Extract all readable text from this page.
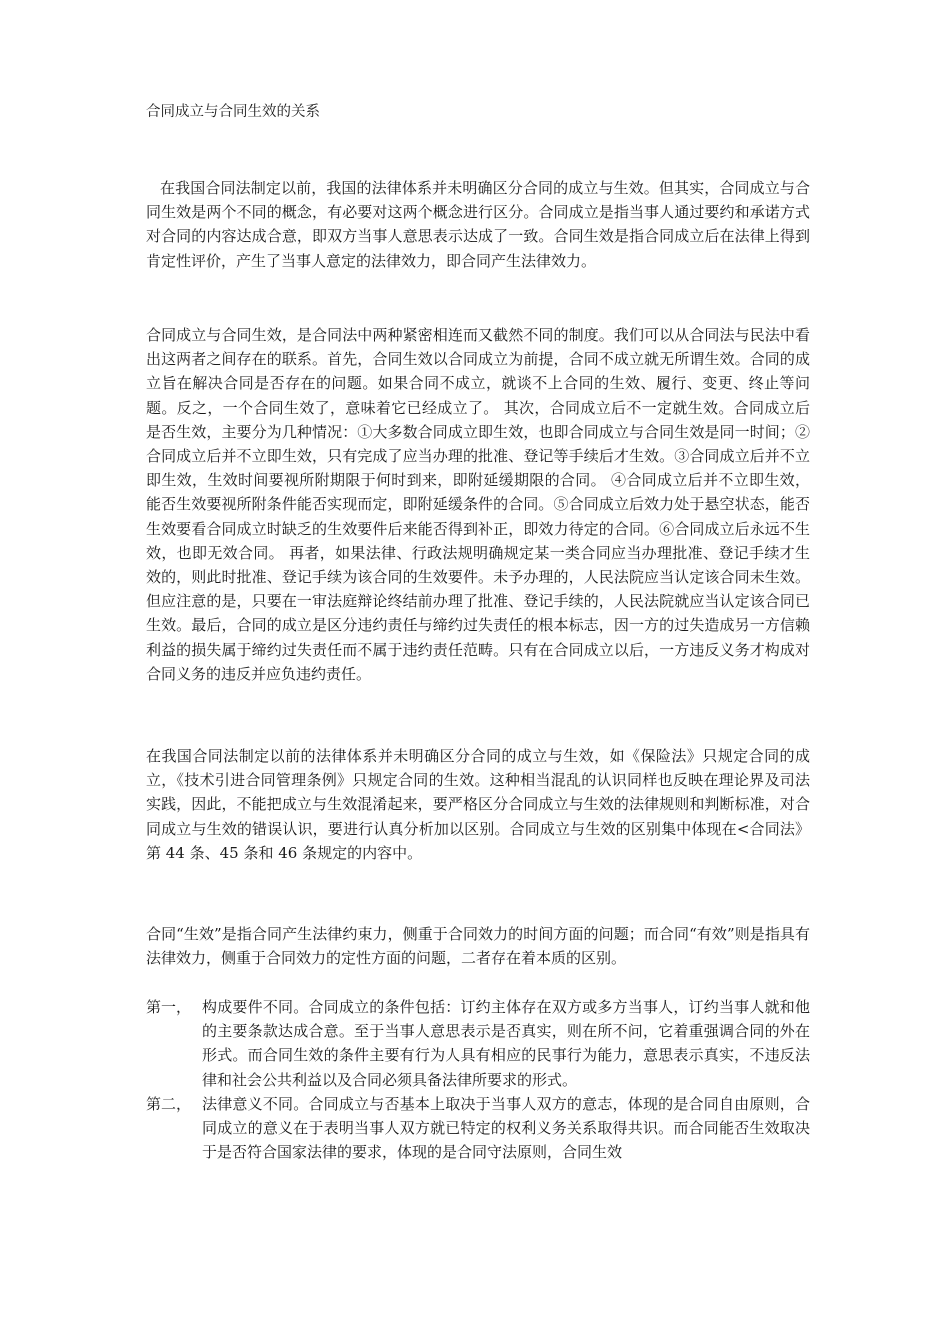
合同成立与合同生效的关系

在我国合同法制定以前，我国的法律体系并未明确区分合同的成立与生效。但其实，合同成立与合同生效是两个不同的概念，有必要对这两个概念进行区分。合同成立是指当事人通过要约和承诺方式对合同的内容达成合意，即双方当事人意思表示达成了一致。合同生效是指合同成立后在法律上得到肯定性评价，产生了当事人意定的法律效力，即合同产生法律效力。

合同成立与合同生效，是合同法中两种紧密相连而又截然不同的制度。我们可以从合同法与民法中看出这两者之间存在的联系。首先，合同生效以合同成立为前提，合同不成立就无所谓生效。合同的成立旨在解决合同是否存在的问题。如果合同不成立，就谈不上合同的生效、履行、变更、终止等问题。反之，一个合同生效了，意味着它已经成立了。 其次，合同成立后不一定就生效。合同成立后是否生效，主要分为几种情况：①大多数合同成立即生效，也即合同成立与合同生效是同一时间；②合同成立后并不立即生效，只有完成了应当办理的批准、登记等手续后才生效。③合同成立后并不立即生效，生效时间要视所附期限于何时到来，即附延缓期限的合同。 ④合同成立后并不立即生效，能否生效要视所附条件能否实现而定，即附延缓条件的合同。⑤合同成立后效力处于悬空状态，能否生效要看合同成立时缺乏的生效要件后来能否得到补正，即效力待定的合同。⑥合同成立后永远不生效，也即无效合同。 再者，如果法律、行政法规明确规定某一类合同应当办理批准、登记手续才生效的，则此时批准、登记手续为该合同的生效要件。未予办理的，人民法院应当认定该合同未生效。但应注意的是，只要在一审法庭辩论终结前办理了批准、登记手续的，人民法院就应当认定该合同已生效。最后，合同的成立是区分违约责任与缔约过失责任的根本标志，因一方的过失造成另一方信赖利益的损失属于缔约过失责任而不属于违约责任范畴。只有在合同成立以后，一方违反义务才构成对合同义务的违反并应负违约责任。

在我国合同法制定以前的法律体系并未明确区分合同的成立与生效，如《保险法》只规定合同的成立，《技术引进合同管理条例》只规定合同的生效。这种相当混乱的认识同样也反映在理论界及司法实践，因此，不能把成立与生效混淆起来，要严格区分合同成立与生效的法律规则和判断标准，对合同成立与生效的错误认识，要进行认真分析加以区别。合同成立与生效的区别集中体现在<合同法》第 44 条、45 条和 46 条规定的内容中。

合同“生效”是指合同产生法律约束力，侧重于合同效力的时间方面的问题；而合同“有效”则是指具有法律效力，侧重于合同效力的定性方面的问题，二者存在着本质的区别。

第一， 构成要件不同。合同成立的条件包括：订约主体存在双方或多方当事人，订约当事人就和他的主要条款达成合意。至于当事人意思表示是否真实，则在所不问，它着重强调合同的外在形式。而合同生效的条件主要有行为人具有相应的民事行为能力，意思表示真实，不违反法律和社会公共利益以及合同必须具备法律所要求的形式。
第二， 法律意义不同。合同成立与否基本上取决于当事人双方的意志，体现的是合同自由原则，合同成立的意义在于表明当事人双方就已特定的权利义务关系取得共识。而合同能否生效取决于是否符合国家法律的要求，体现的是合同守法原则，合同生效
